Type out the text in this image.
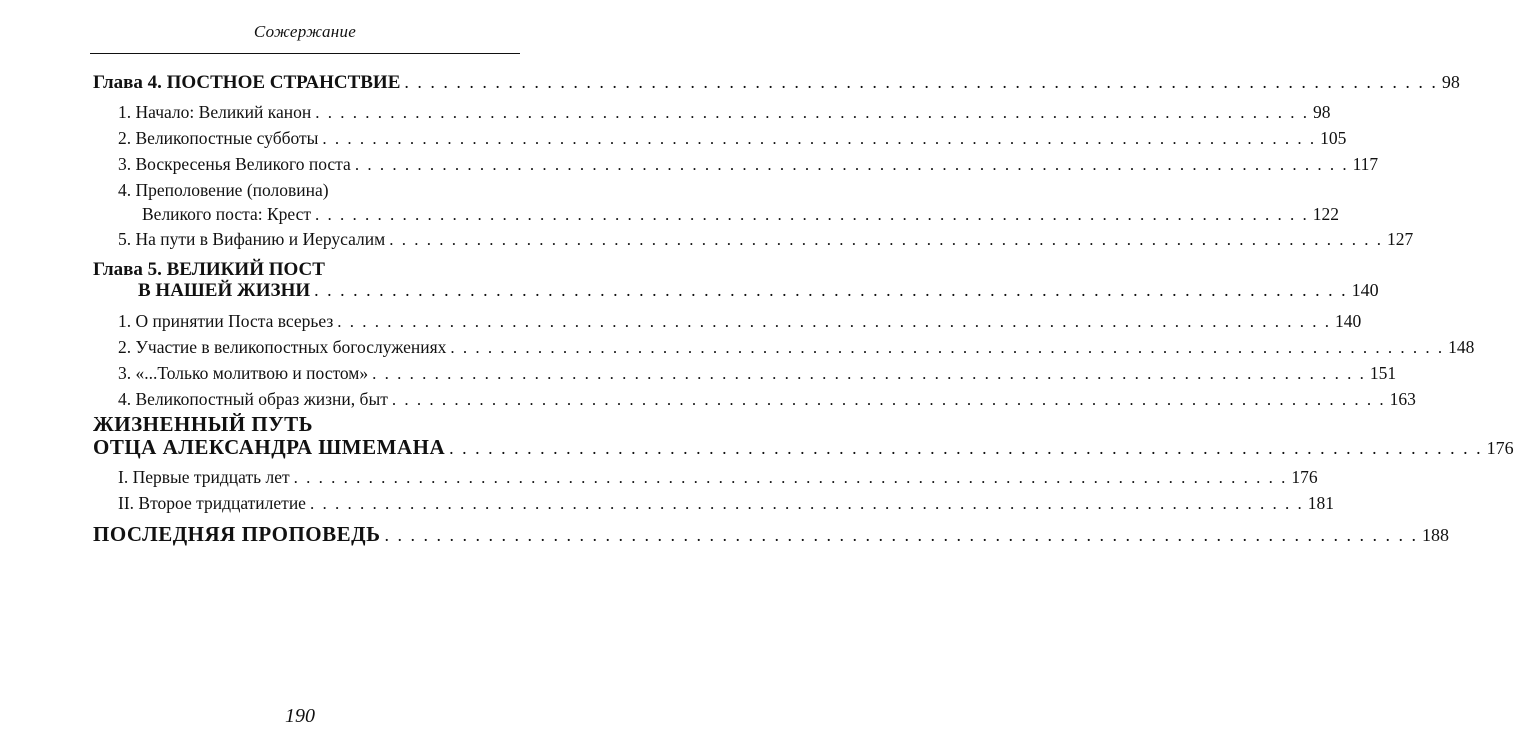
Сожержание
Глава 4. ПОСТНОЕ СТРАНСТВИЕ . . . . . . . . . . . . . . . . . . . . . . . . . . . . . . . . . . . . . . . . . . . . . . . . . . . . . . . . . . . . . . . . . . . . . . . . . . . . . . . . 98
1. Начало: Великий канон . . . . . . . . . . . . . . . . . . . . . . . . . . . . . . . . . . . . . . . . . . . . . . . . . . . . . . . . . . . . . . . . . . . . . . . . . . . . . . . . 98
2. Великопостные субботы . . . . . . . . . . . . . . . . . . . . . . . . . . . . . . . . . . . . . . . . . . . . . . . . . . . . . . . . . . . . . . . . . . . . . . . . . . . . . . . . 105
3. Воскресенья Великого поста . . . . . . . . . . . . . . . . . . . . . . . . . . . . . . . . . . . . . . . . . . . . . . . . . . . . . . . . . . . . . . . . . . . . . . . . . . . . . . . . 117
4. Преполовение (половина)
Великого поста: Крест . . . . . . . . . . . . . . . . . . . . . . . . . . . . . . . . . . . . . . . . . . . . . . . . . . . . . . . . . . . . . . . . . . . . . . . . . . . . . . . . 122
5. На пути в Вифанию и Иерусалим . . . . . . . . . . . . . . . . . . . . . . . . . . . . . . . . . . . . . . . . . . . . . . . . . . . . . . . . . . . . . . . . . . . . . . . . . . . . . . . . 127
Глава 5. ВЕЛИКИЙ ПОСТ
В НАШЕЙ ЖИЗНИ . . . . . . . . . . . . . . . . . . . . . . . . . . . . . . . . . . . . . . . . . . . . . . . . . . . . . . . . . . . . . . . . . . . . . . . . . . . . . . . . 140
1. О принятии Поста всерьез . . . . . . . . . . . . . . . . . . . . . . . . . . . . . . . . . . . . . . . . . . . . . . . . . . . . . . . . . . . . . . . . . . . . . . . . . . . . . . . . 140
2. Участие в великопостных богослужениях . . . . . . . . . . . . . . . . . . . . . . . . . . . . . . . . . . . . . . . . . . . . . . . . . . . . . . . . . . . . . . . . . . . . . . . . . . . . . . . . 148
3. «...Только молитвою и постом» . . . . . . . . . . . . . . . . . . . . . . . . . . . . . . . . . . . . . . . . . . . . . . . . . . . . . . . . . . . . . . . . . . . . . . . . . . . . . . . . 151
4. Великопостный образ жизни, быт . . . . . . . . . . . . . . . . . . . . . . . . . . . . . . . . . . . . . . . . . . . . . . . . . . . . . . . . . . . . . . . . . . . . . . . . . . . . . . . . 163
ЖИЗНЕННЫЙ ПУТЬ
ОТЦА АЛЕКСАНДРА ШМЕМАНА . . . . . . . . . . . . . . . . . . . . . . . . . . . . . . . . . . . . . . . . . . . . . . . . . . . . . . . . . . . . . . . . . . . . . . . . . . . . . . . . 176
I. Первые тридцать лет . . . . . . . . . . . . . . . . . . . . . . . . . . . . . . . . . . . . . . . . . . . . . . . . . . . . . . . . . . . . . . . . . . . . . . . . . . . . . . . . 176
II. Второе тридцатилетие . . . . . . . . . . . . . . . . . . . . . . . . . . . . . . . . . . . . . . . . . . . . . . . . . . . . . . . . . . . . . . . . . . . . . . . . . . . . . . . . 181
ПОСЛЕДНЯЯ ПРОПОВЕДЬ . . . . . . . . . . . . . . . . . . . . . . . . . . . . . . . . . . . . . . . . . . . . . . . . . . . . . . . . . . . . . . . . . . . . . . . . . . . . . . . . 188
190
